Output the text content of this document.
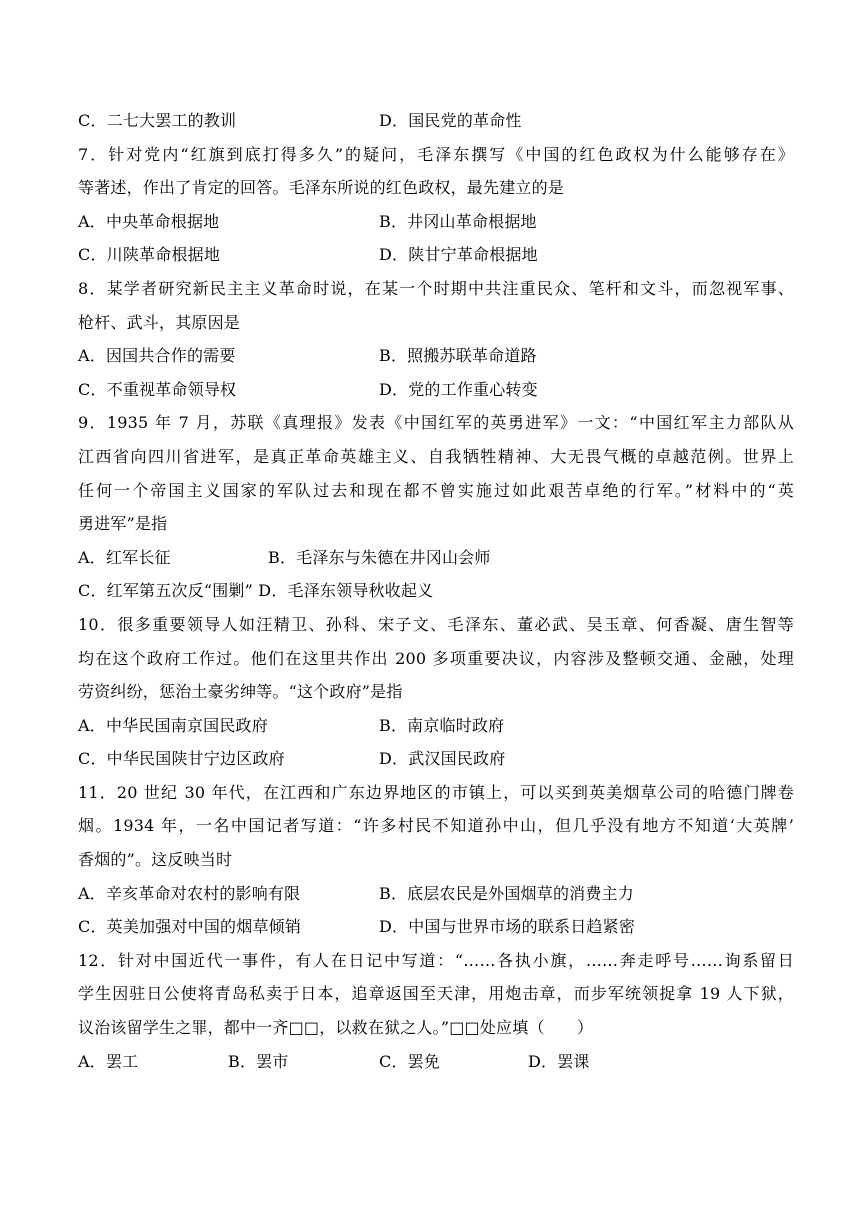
C．二七大罢工的教训	D．国民党的革命性
7．针对党内“红旗到底打得多久”的疑问，毛泽东撰写《中国的红色政权为什么能够存在》
等著述，作出了肯定的回答。毛泽东所说的红色政权，最先建立的是
A．中央革命根据地	B．井冈山革命根据地
C．川陕革命根据地	D．陕甘宁革命根据地
8．某学者研究新民主主义革命时说，在某一个时期中共注重民众、笔杆和文斗，而忽视军事、
枪杆、武斗，其原因是
A．因国共合作的需要	B．照搬苏联革命道路
C．不重视革命领导权	D．党的工作重心转变
9．1935 年 7 月，苏联《真理报》发表《中国红军的英勇进军》一文：“中国红军主力部队从
江西省向四川省进军，是真正革命英雄主义、自我牺牲精神、大无畏气概的卓越范例。世界上
任何一个帝国主义国家的军队过去和现在都不曾实施过如此艰苦卓绝的行军。”材料中的“英
勇进军”是指
A．红军长征	B．毛泽东与朱德在井冈山会师
C．红军第五次反“围剿” D．毛泽东领导秋收起义
10．很多重要领导人如汪精卫、孙科、宋子文、毛泽东、董必武、吴玉章、何香凝、唐生智等
均在这个政府工作过。他们在这里共作出 200 多项重要决议，内容涉及整顿交通、金融，处理
劳资纠纷，惩治土豪劣绅等。“这个政府”是指
A．中华民国南京国民政府	B．南京临时政府
C．中华民国陕甘宁边区政府	D．武汉国民政府
11．20 世纪 30 年代，在江西和广东边界地区的市镇上，可以买到英美烟草公司的哈德门牌卷
烟。1934 年，一名中国记者写道：“许多村民不知道孙中山，但几乎没有地方不知道‘大英牌’
香烟的”。这反映当时
A．辛亥革命对农村的影响有限	B．底层农民是外国烟草的消费主力
C．英美加强对中国的烟草倾销	D．中国与世界市场的联系日趋紧密
12．针对中国近代一事件，有人在日记中写道：“……各执小旗，……奔走呼号……询系留日
学生因驻日公使将青岛私卖于日本，追章返国至天津，用炮击章，而步军统领捉拿 19 人下狱，
议治该留学生之罪，都中一齐□□，以救在狱之人。”□□处应填（　　）
A．罢工	B．罢市	C．罢免	D．罢课
